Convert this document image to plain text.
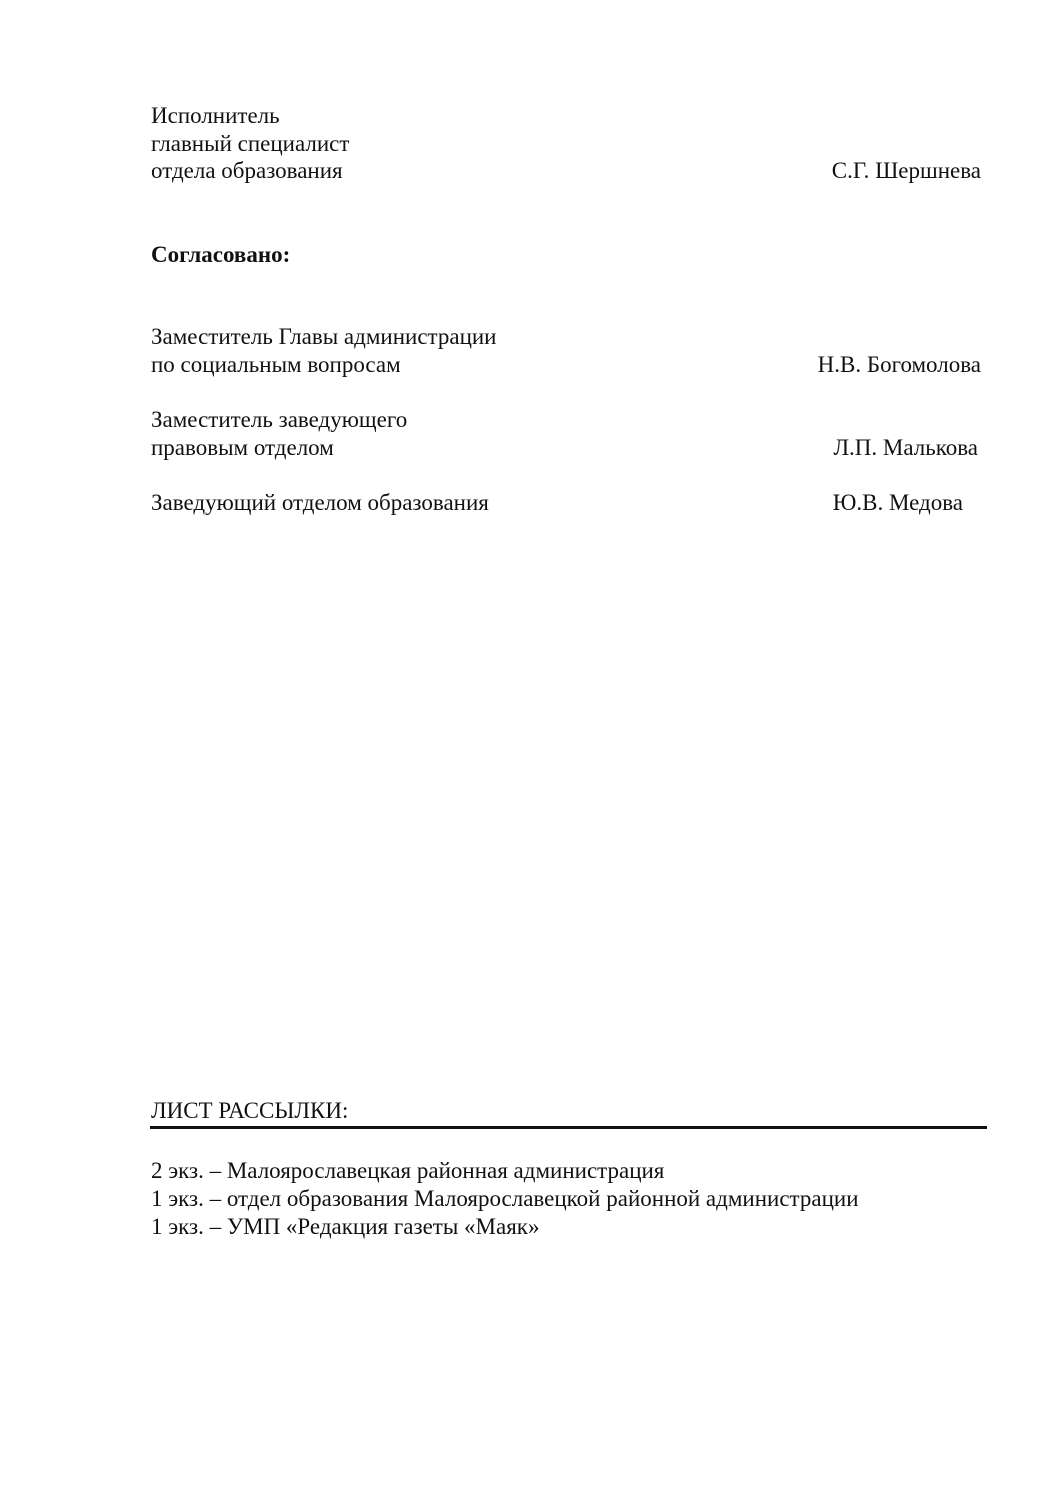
Исполнитель
главный специалист
отдела образования	С.Г. Шершнева
Согласовано:
Заместитель Главы администрации
по социальным вопросам	Н.В. Богомолова
Заместитель заведующего
правовым отделом	Л.П. Малькова
Заведующий отделом образования	Ю.В. Медова
ЛИСТ РАССЫЛКИ:
2 экз. – Малоярославецкая районная администрация
1 экз. – отдел образования Малоярославецкой районной администрации
1 экз. – УМП «Редакция газеты «Маяк»
